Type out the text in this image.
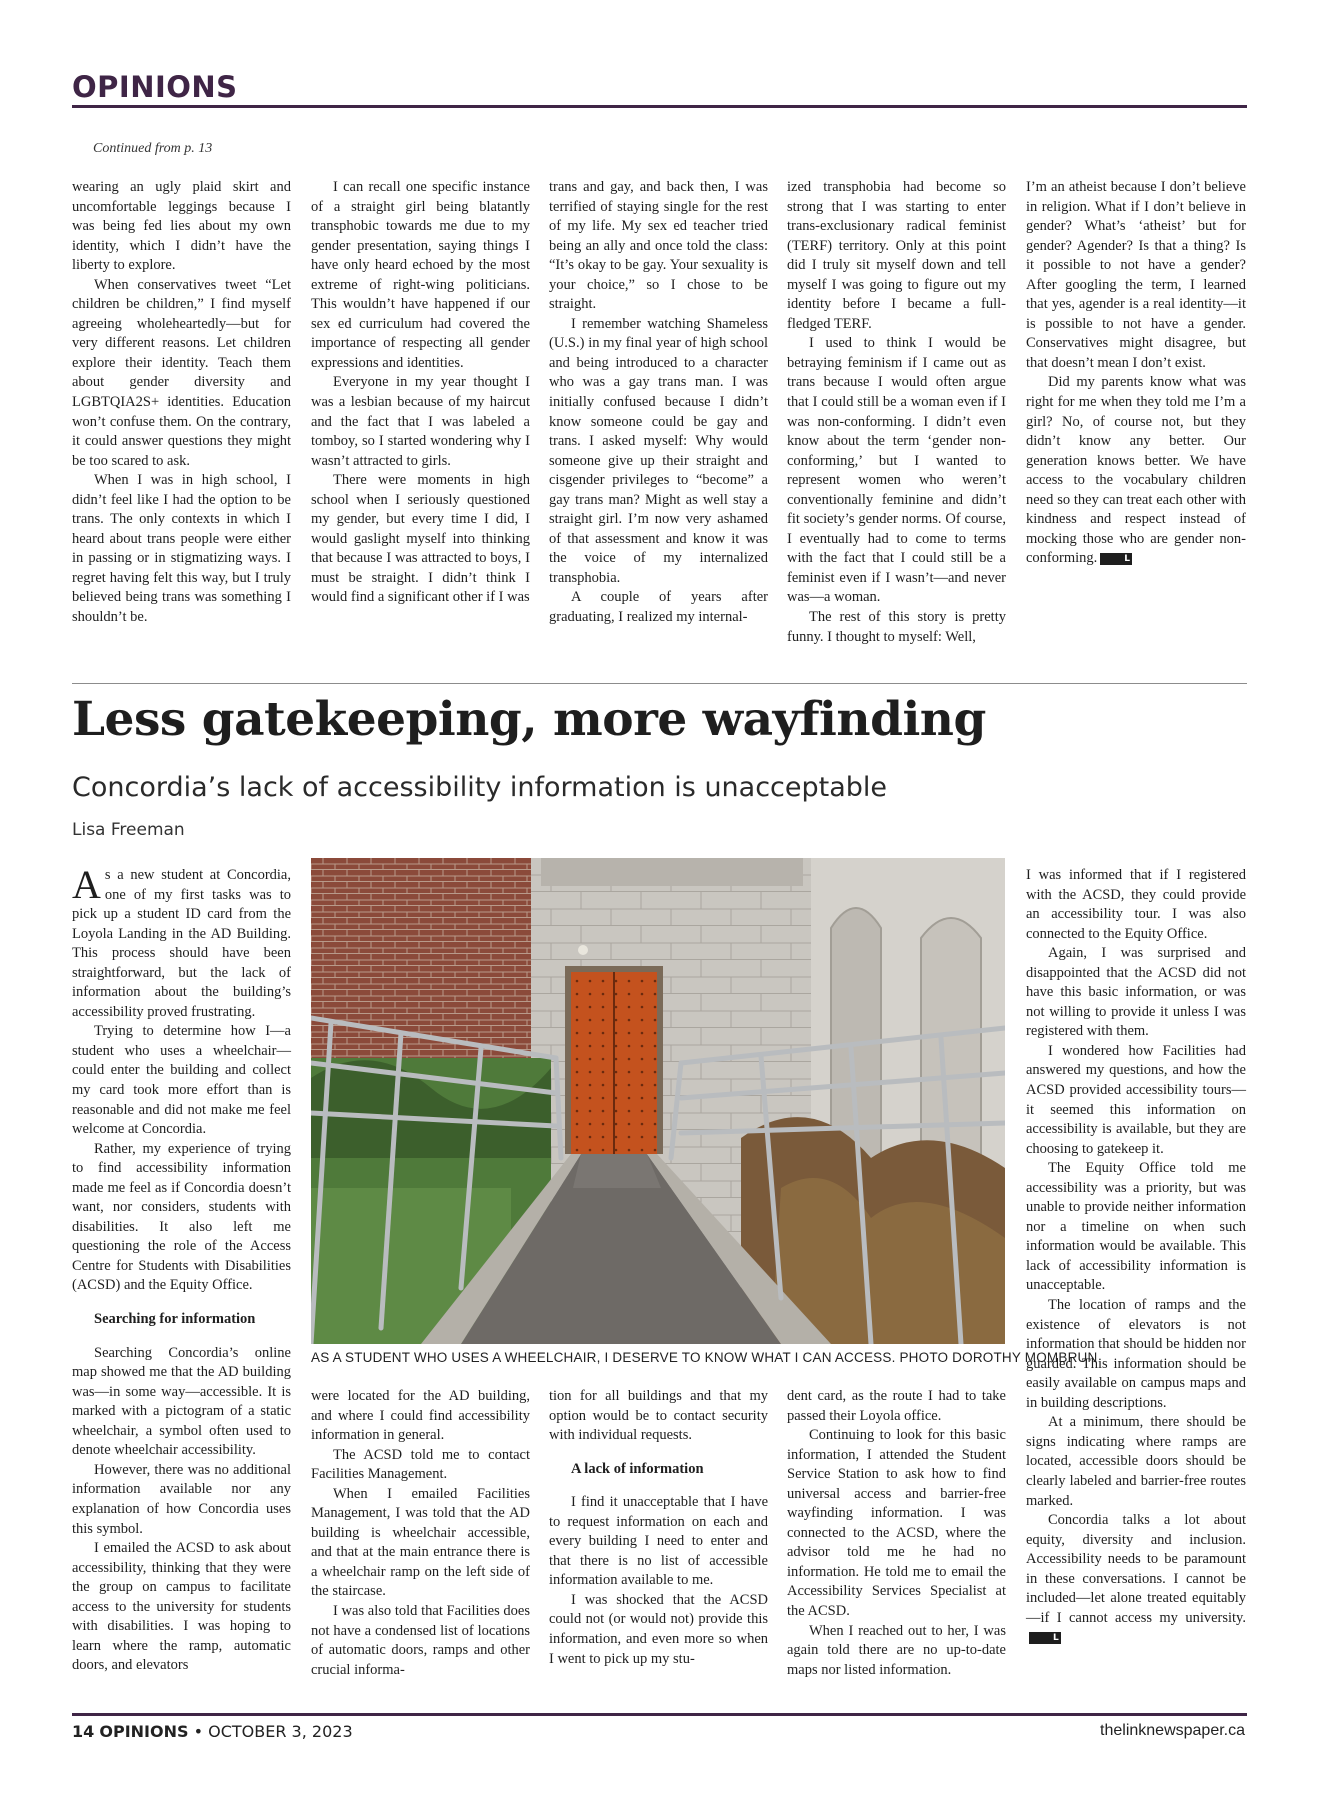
OPINIONS
Continued from p. 13

wearing an ugly plaid skirt and uncomfortable leggings because I was being fed lies about my own identity, which I didn’t have the liberty to explore.

When conservatives tweet “Let children be children,” I find myself agreeing wholeheartedly—but for very different reasons. Let children explore their identity. Teach them about gender diversity and LGBTQIA2S+ identities. Education won’t confuse them. On the contrary, it could answer questions they might be too scared to ask.

When I was in high school, I didn’t feel like I had the option to be trans. The only contexts in which I heard about trans people were either in passing or in stigmatizing ways. I regret having felt this way, but I truly believed being trans was something I shouldn’t be.

I can recall one specific instance of a straight girl being blatantly transphobic towards me due to my gender presentation, saying things I have only heard echoed by the most extreme of right-wing politicians. This wouldn’t have happened if our sex ed curriculum had covered the importance of respecting all gender expressions and identities.

Everyone in my year thought I was a lesbian because of my haircut and the fact that I was labeled a tomboy, so I started wondering why I wasn’t attracted to girls.

There were moments in high school when I seriously questioned my gender, but every time I did, I would gaslight myself into thinking that because I was attracted to boys, I must be straight. I didn’t think I would find a significant other if I was

trans and gay, and back then, I was terrified of staying single for the rest of my life. My sex ed teacher tried being an ally and once told the class: “It’s okay to be gay. Your sexuality is your choice,” so I chose to be straight.

I remember watching Shameless (U.S.) in my final year of high school and being introduced to a character who was a gay trans man. I was initially confused because I didn’t know someone could be gay and trans. I asked myself: Why would someone give up their straight and cisgender privileges to “become” a gay trans man? Might as well stay a straight girl. I’m now very ashamed of that assessment and know it was the voice of my internalized transphobia.

A couple of years after graduating, I realized my internal-

ized transphobia had become so strong that I was starting to enter trans-exclusionary radical feminist (TERF) territory. Only at this point did I truly sit myself down and tell myself I was going to figure out my identity before I became a full-fledged TERF.

I used to think I would be betraying feminism if I came out as trans because I would often argue that I could still be a woman even if I was non-conforming. I didn’t even know about the term ‘gender non-conforming,’ but I wanted to represent women who weren’t conventionally feminine and didn’t fit society’s gender norms. Of course, I eventually had to come to terms with the fact that I could still be a feminist even if I wasn’t—and never was—a woman.

The rest of this story is pretty funny. I thought to myself: Well,

I’m an atheist because I don’t believe in religion. What if I don’t believe in gender? What’s ‘atheist’ but for gender? Agender? Is that a thing? Is it possible to not have a gender? After googling the term, I learned that yes, agender is a real identity—it is possible to not have a gender. Conservatives might disagree, but that doesn’t mean I don’t exist.

Did my parents know what was right for me when they told me I’m a girl? No, of course not, but they didn’t know any better. Our generation knows better. We have access to the vocabulary children need so they can treat each other with kindness and respect instead of mocking those who are gender non-conforming.	L

Less gatekeeping, more wayfinding
Concordia’s lack of accessibility information is unacceptable
Lisa Freeman

As a new student at Concordia, one of my first tasks was to pick up a student ID card from the Loyola Landing in the AD Building. This process should have been straightforward, but the lack of information about the building’s accessibility proved frustrating.

Trying to determine how I—a student who uses a wheelchair—could enter the building and collect my card took more effort than is reasonable and did not make me feel welcome at Concordia.

Rather, my experience of trying to find accessibility information made me feel as if Concordia doesn’t want, nor considers, students with disabilities. It also left me questioning the role of the Access Centre for Students with Disabilities (ACSD) and the Equity Office.

Searching for information

Searching Concordia’s online map showed me that the AD building was—in some way—accessible. It is marked with a pictogram of a static wheelchair, a symbol often used to denote wheelchair accessibility.

However, there was no additional information available nor any explanation of how Concordia uses this symbol.

I emailed the ACSD to ask about accessibility, thinking that they were the group on campus to facilitate access to the university for students with disabilities. I was hoping to learn where the ramp, automatic doors, and elevators

AS A STUDENT WHO USES A WHEELCHAIR, I DESERVE TO KNOW WHAT I CAN ACCESS. PHOTO DOROTHY MOMBRUN

were located for the AD building, and where I could find accessibility information in general.

The ACSD told me to contact Facilities Management.

When I emailed Facilities Management, I was told that the AD building is wheelchair accessible, and that at the main entrance there is a wheelchair ramp on the left side of the staircase.

I was also told that Facilities does not have a condensed list of locations of automatic doors, ramps and other crucial informa-

tion for all buildings and that my option would be to contact security with individual requests.

A lack of information

I find it unacceptable that I have to request information on each and every building I need to enter and that there is no list of accessible information available to me.

I was shocked that the ACSD could not (or would not) provide this information, and even more so when I went to pick up my stu-

dent card, as the route I had to take passed their Loyola office.

Continuing to look for this basic information, I attended the Student Service Station to ask how to find universal access and barrier-free wayfinding information. I was connected to the ACSD, where the advisor told me he had no information. He told me to email the Accessibility Services Specialist at the ACSD.

When I reached out to her, I was again told there are no up-to-date maps nor listed information.

I was informed that if I registered with the ACSD, they could provide an accessibility tour. I was also connected to the Equity Office.

Again, I was surprised and disappointed that the ACSD did not have this basic information, or was not willing to provide it unless I was registered with them.

I wondered how Facilities had answered my questions, and how the ACSD provided accessibility tours—it seemed this information on accessibility is available, but they are choosing to gatekeep it.

The Equity Office told me accessibility was a priority, but was unable to provide neither information nor a timeline on when such information would be available. This lack of accessibility information is unacceptable.

The location of ramps and the existence of elevators is not information that should be hidden nor guarded. This information should be easily available on campus maps and in building descriptions.

At a minimum, there should be signs indicating where ramps are located, accessible doors should be clearly labeled and barrier-free routes marked.

Concordia talks a lot about equity, diversity and inclusion. Accessibility needs to be paramount in these conversations. I cannot be included—let alone treated equitably—if I cannot access my university.L

14 OPINIONS • OCTOBER 3, 2023	thelinknewspaper.ca
